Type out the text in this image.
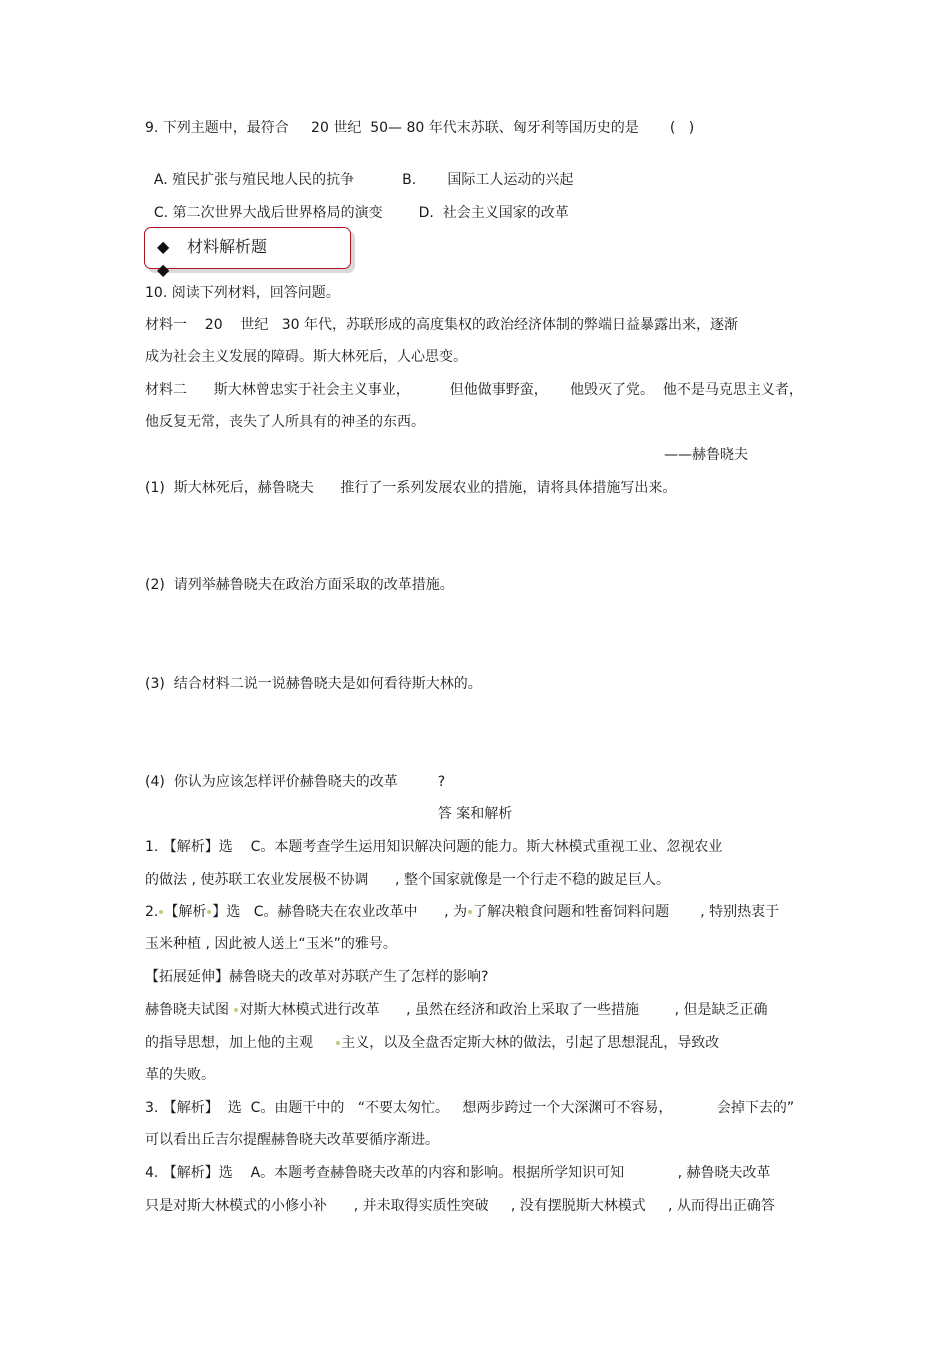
9. 下列主题中，最符合     20 世纪  50— 80 年代末苏联、匈牙利等国历史的是       (   )

A. 殖民扩张与殖民地人民的抗争	B.       国际工人运动的兴起

C. 第二次世界大战后世界格局的演变	D.  社会主义国家的改革

◆ 材料解析题
◆
10. 阅读下列材料，回答问题。
材料一    20    世纪   30 年代，苏联形成的高度集权的政治经济体制的弊端日益暴露出来，逐渐
成为社会主义发展的障碍。斯大林死后，人心思变。
材料二      斯大林曾忠实于社会主义事业，         但他做事野蛮，     他毁灭了党。  他不是马克思主义者，
他反复无常，丧失了人所具有的神圣的东西。
——赫鲁晓夫
(1)  斯大林死后，赫鲁晓夫      推行了一系列发展农业的措施，请将具体措施写出来。
(2)  请列举赫鲁晓夫在政治方面采取的改革措施。
(3)  结合材料二说一说赫鲁晓夫是如何看待斯大林的。
(4)  你认为应该怎样评价赫鲁晓夫的改革         ?
答 案和解析
1. 【解析】选    C。本题考查学生运用知识解决问题的能力。斯大林模式重视工业、忽视农业
的做法 , 使苏联工农业发展极不协调      , 整个国家就像是一个行走不稳的跛足巨人。
2. 【解析 】选   C。赫鲁晓夫在农业改革中      , 为 了解决粮食问题和牲畜饲料问题       , 特别热衷于
玉米种植 , 因此被人送上“玉米”的雅号。
【拓展延伸】赫鲁晓夫的改革对苏联产生了怎样的影响?
赫鲁晓夫试图 对斯大林模式进行改革      , 虽然在经济和政治上采取了一些措施        , 但是缺乏正确
的指导思想，加上他的主观     主义，以及全盘否定斯大林的做法，引起了思想混乱，导致改
革的失败。
3. 【解析】  选  C。由题干中的   “不要太匆忙。   想两步跨过一个大深渊可不容易，          会掉下去的”
可以看出丘吉尔提醒赫鲁晓夫改革要循序渐进。
4. 【解析】选    A。本题考查赫鲁晓夫改革的内容和影响。根据所学知识可知            , 赫鲁晓夫改革
只是对斯大林模式的小修小补      , 并未取得实质性突破     , 没有摆脱斯大林模式     , 从而得出正确答
